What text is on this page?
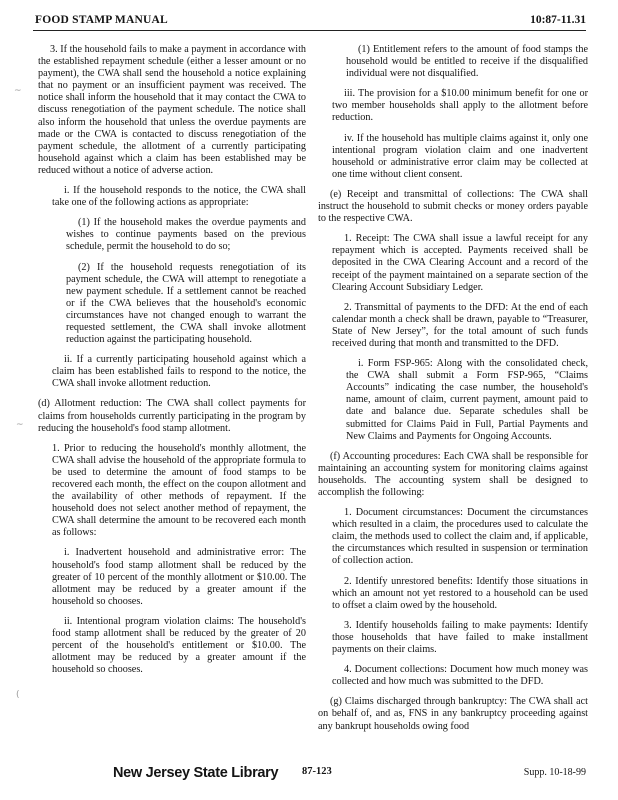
FOOD STAMP MANUAL	10:87-11.31
~
~
(

3. If the household fails to make a payment in accordance with the established repayment schedule (either a lesser amount or no payment), the CWA shall send the household a notice explaining that no payment or an insufficient payment was received. The notice shall inform the household that it may contact the CWA to discuss renegotiation of the payment schedule. The notice shall also inform the household that unless the overdue payments are made or the CWA is contacted to discuss renegotiation of the payment schedule, the allotment of a currently participating household against which a claim has been established may be reduced without a notice of adverse action.

i. If the household responds to the notice, the CWA shall take one of the following actions as appropriate:

(1) If the household makes the overdue payments and wishes to continue payments based on the previous schedule, permit the household to do so;

(2) If the household requests renegotiation of its payment schedule, the CWA will attempt to renegotiate a new payment schedule. If a settlement cannot be reached or if the CWA believes that the household's economic circumstances have not changed enough to warrant the requested settlement, the CWA shall invoke allotment reduction against the participating household.

ii. If a currently participating household against which a claim has been established fails to respond to the notice, the CWA shall invoke allotment reduction.

(d) Allotment reduction: The CWA shall collect payments for claims from households currently participating in the program by reducing the household's food stamp allotment.

1. Prior to reducing the household's monthly allotment, the CWA shall advise the household of the appropriate formula to be used to determine the amount of food stamps to be recovered each month, the effect on the coupon allotment and the availability of other methods of repayment. If the household does not select another method of repayment, the CWA shall determine the amount to be recovered each month as follows:

i. Inadvertent household and administrative error: The household's food stamp allotment shall be reduced by the greater of 10 percent of the monthly allotment or $10.00. The allotment may be reduced by a greater amount if the household so chooses.

ii. Intentional program violation claims: The household's food stamp allotment shall be reduced by the greater of 20 percent of the household's entitlement or $10.00. The allotment may be reduced by a greater amount if the household so chooses.

(1) Entitlement refers to the amount of food stamps the household would be entitled to receive if the disqualified individual were not disqualified.

iii. The provision for a $10.00 minimum benefit for one or two member households shall apply to the allotment before reduction.

iv. If the household has multiple claims against it, only one intentional program violation claim and one inadvertent household or administrative error claim may be collected at one time without client consent.

(e) Receipt and transmittal of collections: The CWA shall instruct the household to submit checks or money orders payable to the respective CWA.

1. Receipt: The CWA shall issue a lawful receipt for any repayment which is accepted. Payments received shall be deposited in the CWA Clearing Account and a record of the receipt of the payment maintained on a separate section of the Clearing Account Subsidiary Ledger.

2. Transmittal of payments to the DFD: At the end of each calendar month a check shall be drawn, payable to “Treasurer, State of New Jersey”, for the total amount of such funds received during that month and transmitted to the DFD.

i. Form FSP-965: Along with the consolidated check, the CWA shall submit a Form FSP-965, “Claims Accounts” indicating the case number, the household's name, amount of claim, current payment, amount paid to date and balance due. Separate schedules shall be submitted for Claims Paid in Full, Partial Payments and New Claims and Payments for Ongoing Accounts.

(f) Accounting procedures: Each CWA shall be responsible for maintaining an accounting system for monitoring claims against households. The accounting system shall be designed to accomplish the following:

1. Document circumstances: Document the circumstances which resulted in a claim, the procedures used to calculate the claim, the methods used to collect the claim and, if applicable, the circumstances which resulted in suspension or termination of collection action.

2. Identify unrestored benefits: Identify those situations in which an amount not yet restored to a household can be used to offset a claim owed by the household.

3. Identify households failing to make payments: Identify those households that have failed to make installment payments on their claims.

4. Document collections: Document how much money was collected and how much was submitted to the DFD.

(g) Claims discharged through bankruptcy: The CWA shall act on behalf of, and as, FNS in any bankruptcy proceeding against any bankrupt households owing food

New Jersey State Library 87-123	Supp. 10-18-99
